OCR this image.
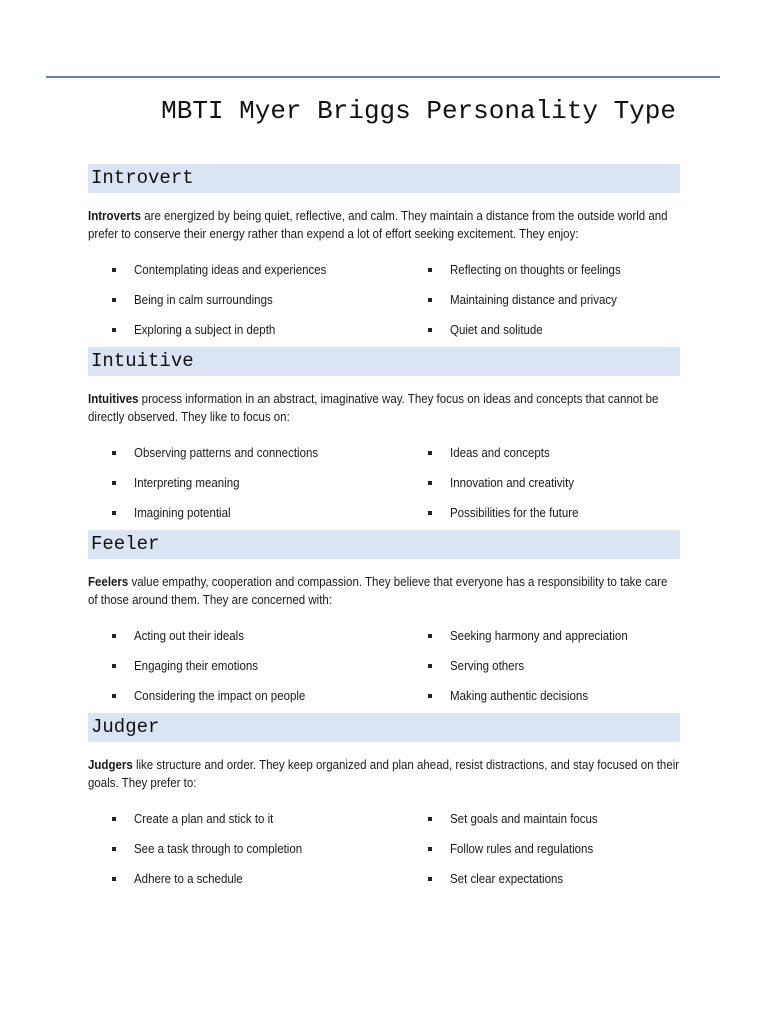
MBTI Myer Briggs Personality Type
Introvert
Introverts are energized by being quiet, reflective, and calm. They maintain a distance from the outside world and prefer to conserve their energy rather than expend a lot of effort seeking excitement. They enjoy:
Contemplating ideas and experiences
Being in calm surroundings
Exploring a subject in depth
Reflecting on thoughts or feelings
Maintaining distance and privacy
Quiet and solitude
Intuitive
Intuitives process information in an abstract, imaginative way. They focus on ideas and concepts that cannot be directly observed. They like to focus on:
Observing patterns and connections
Interpreting meaning
Imagining potential
Ideas and concepts
Innovation and creativity
Possibilities for the future
Feeler
Feelers value empathy, cooperation and compassion. They believe that everyone has a responsibility to take care of those around them. They are concerned with:
Acting out their ideals
Engaging their emotions
Considering the impact on people
Seeking harmony and appreciation
Serving others
Making authentic decisions
Judger
Judgers like structure and order. They keep organized and plan ahead, resist distractions, and stay focused on their goals. They prefer to:
Create a plan and stick to it
See a task through to completion
Adhere to a schedule
Set goals and maintain focus
Follow rules and regulations
Set clear expectations
